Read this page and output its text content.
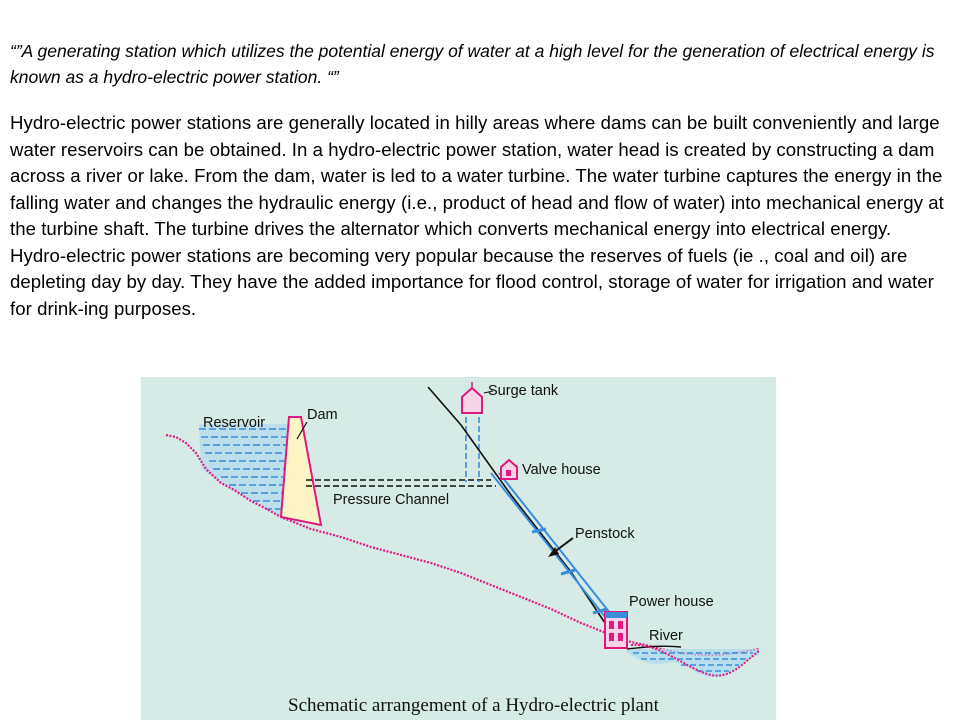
“”A generating station which utilizes the potential energy of water at a high level for the generation of electrical energy is known as a hydro-electric power station. “”
Hydro-electric power stations are generally located in hilly areas where dams can be built conveniently and large water reservoirs can be obtained. In a hydro-electric power station, water head is created by constructing a dam across a river or lake. From the dam, water is led to a water turbine. The water turbine captures the energy in the falling water and changes the hydraulic energy (i.e., product of head and flow of water) into mechanical energy at the turbine shaft. The turbine drives the alternator which converts mechanical energy into electrical energy. Hydro-electric power stations are becoming very popular because the reserves of fuels (ie ., coal and oil) are depleting day by day. They have the added importance for flood control, storage of water for irrigation and water for drink-ing purposes.
Reservoir	Dam
Surge tank
Valve house
Pressure Channel
Penstock
Power house
River
Schematic arrangement of a Hydro-electric plant
